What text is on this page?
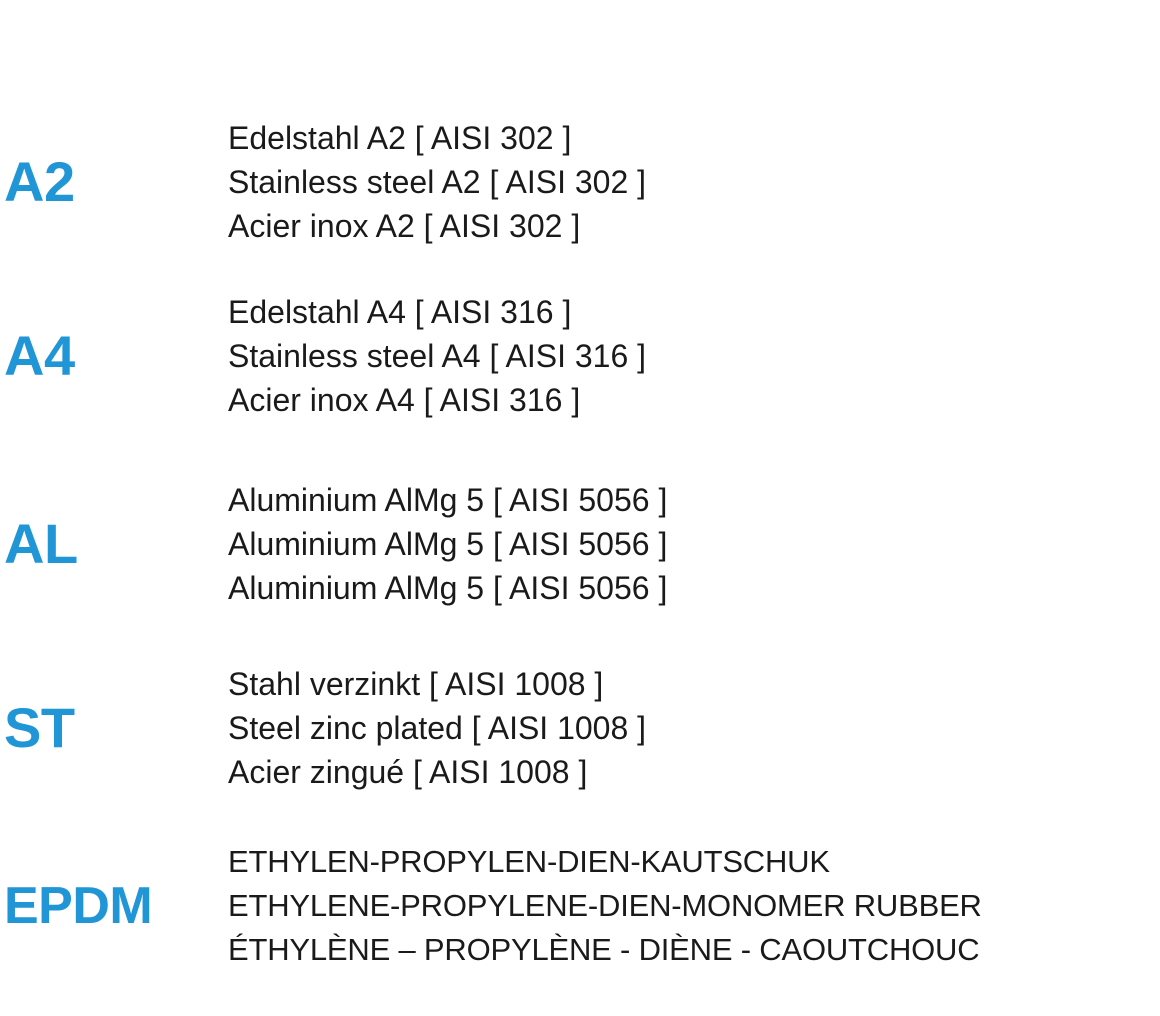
A2
Edelstahl A2 [ AISI 302 ]
Stainless steel A2 [ AISI 302 ]
Acier inox A2 [ AISI 302 ]
A4
Edelstahl A4 [ AISI 316 ]
Stainless steel A4 [ AISI 316 ]
Acier inox A4 [ AISI 316 ]
AL
Aluminium AlMg 5 [ AISI 5056 ]
Aluminium AlMg 5 [ AISI 5056 ]
Aluminium AlMg 5 [ AISI 5056 ]
ST
Stahl verzinkt [ AISI 1008 ]
Steel zinc plated [ AISI 1008 ]
Acier zingué [ AISI 1008 ]
EPDM
ETHYLEN-PROPYLEN-DIEN-KAUTSCHUK
ETHYLENE-PROPYLENE-DIEN-MONOMER RUBBER
ÉTHYLÈNE – PROPYLÈNE - DIÈNE - CAOUTCHOUC
